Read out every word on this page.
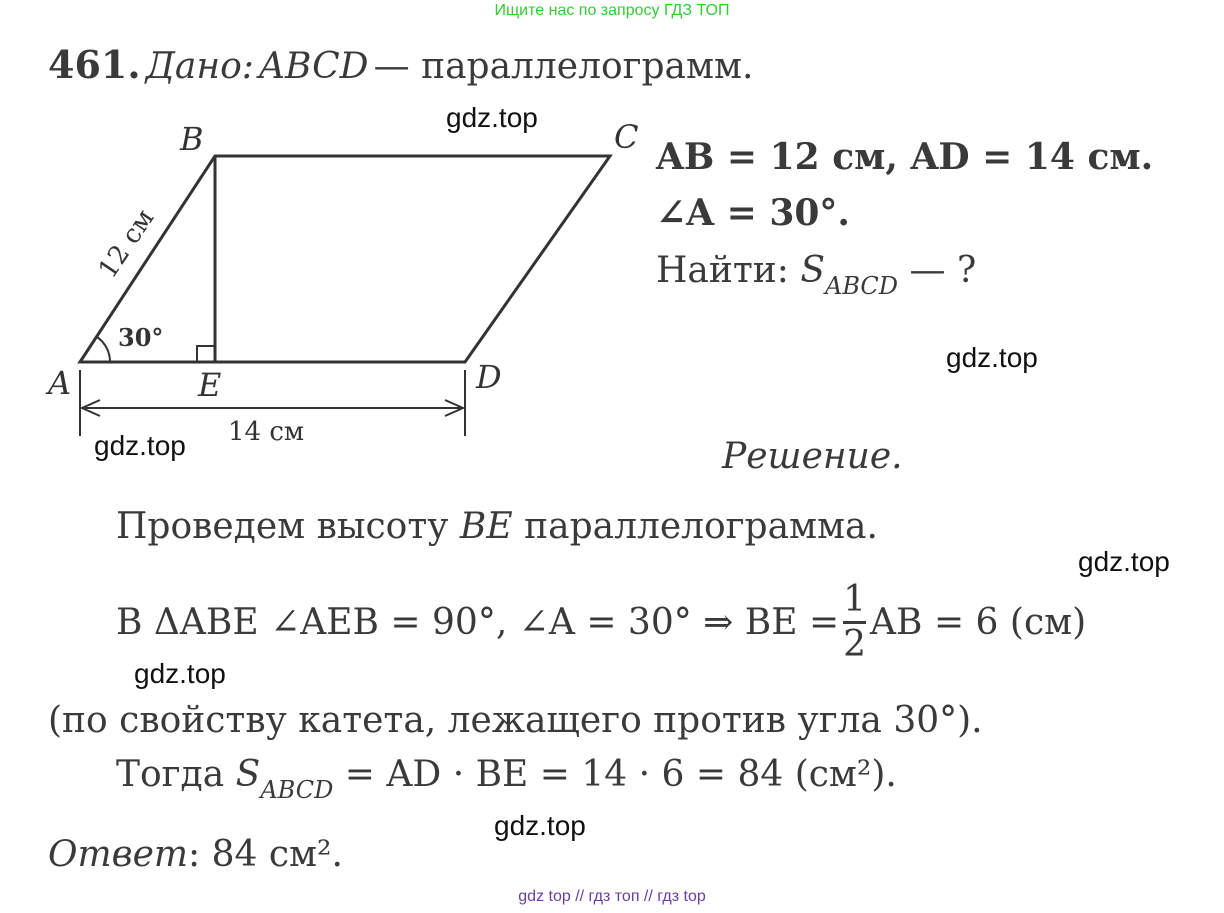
Ищите нас по запросу ГДЗ ТОП
461. Дано: ABCD — параллелограмм.
B	C
A	D
E
30°
12 см
14 см
AB = 12 см, AD = 14 см.
∠A = 30°.
Найти: $S_{ABCD}$ — ?
Решение.
Проведем высоту BE параллелограмма.
В ΔABE ∠AEB = 90°, ∠A = 30° ⇒ BE = $\frac{1}{2}$ AB = 6 (см)
(по свойству катета, лежащего против угла 30°).
Тогда $S_{ABCD}$ = AD · BE = 14 · 6 = 84 (см²).
Ответ: 84 см².
gdz.top
gdz.top
gdz.top
gdz.top
gdz.top
gdz.top
gdz top // гдз топ // гдз top
